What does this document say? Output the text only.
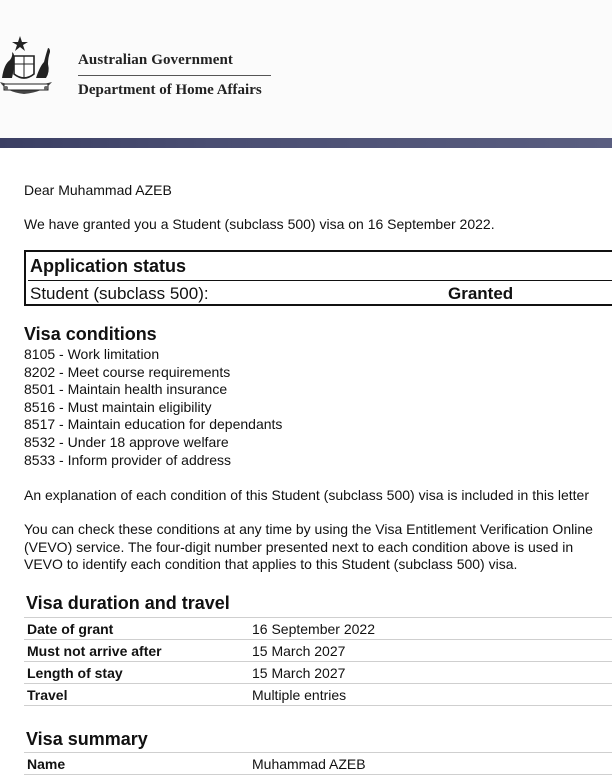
Australian Government
Department of Home Affairs
Dear Muhammad AZEB
We have granted you a Student (subclass 500) visa on 16 September 2022.
Application status
Student (subclass 500):	Granted
Visa conditions
8105 - Work limitation
8202 - Meet course requirements
8501 - Maintain health insurance
8516 - Must maintain eligibility
8517 - Maintain education for dependants
8532 - Under 18 approve welfare
8533 - Inform provider of address
An explanation of each condition of this Student (subclass 500) visa is included in this letter
You can check these conditions at any time by using the Visa Entitlement Verification Online
(VEVO) service. The four-digit number presented next to each condition above is used in
VEVO to identify each condition that applies to this Student (subclass 500) visa.
Visa duration and travel
Date of grant	16 September 2022
Must not arrive after	15 March 2027
Length of stay	15 March 2027
Travel	Multiple entries
Visa summary
Name	Muhammad AZEB
